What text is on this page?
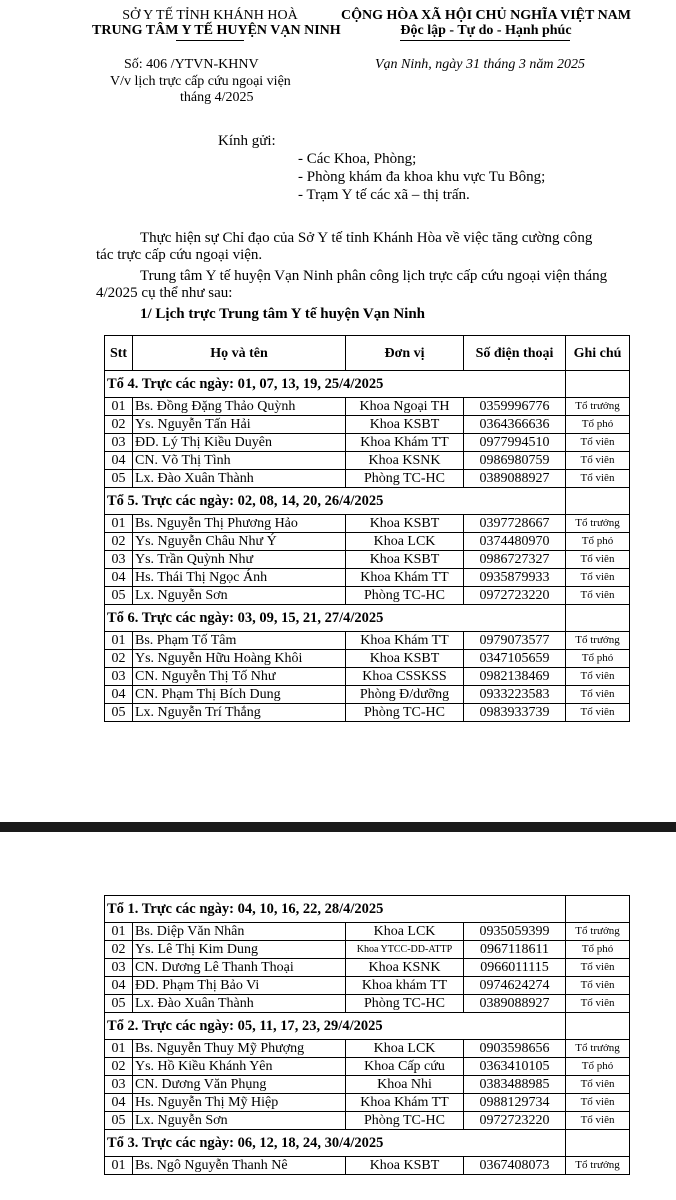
SỞ Y TẾ TỈNH KHÁNH HOÀ
TRUNG TÂM Y TẾ HUYỆN VẠN NINH
CỘNG HÒA XÃ HỘI CHỦ NGHĨA VIỆT NAM
Độc lập - Tự do - Hạnh phúc
Số: 406 /YTVN-KHNV
V/v lịch trực cấp cứu ngoại viện
tháng 4/2025
Vạn Ninh, ngày 31 tháng 3 năm 2025
Kính gửi:
- Các Khoa, Phòng;
- Phòng khám đa khoa khu vực Tu Bông;
- Trạm Y tế các xã – thị trấn.
Thực hiện sự Chỉ đạo của Sở Y tế tỉnh Khánh Hòa về việc tăng cường công
tác trực cấp cứu ngoại viện.
Trung tâm Y tế huyện Vạn Ninh phân công lịch trực cấp cứu ngoại viện tháng
4/2025 cụ thể như sau:
1/ Lịch trực Trung tâm Y tế huyện Vạn Ninh
Stt	Họ và tên	Đơn vị	Số điện thoại	Ghi chú
Tổ 4. Trực các ngày: 01, 07, 13, 19, 25/4/2025				
01	Bs. Đồng Đặng Thảo Quỳnh	Khoa Ngoại TH	0359996776	Tổ trưởng
02	Ys. Nguyễn Tấn Hải	Khoa KSBT	0364366636	Tổ phó
03	ĐD. Lý Thị Kiều Duyên	Khoa Khám TT	0977994510	Tổ viên
04	CN. Võ Thị Tình	Khoa KSNK	0986980759	Tổ viên
05	Lx. Đào Xuân Thành	Phòng TC-HC	0389088927	Tổ viên
Tổ 5. Trực các ngày: 02, 08, 14, 20, 26/4/2025				
01	Bs. Nguyễn Thị Phương Hảo	Khoa KSBT	0397728667	Tổ trưởng
02	Ys. Nguyễn Châu Như Ý	Khoa LCK	0374480970	Tổ phó
03	Ys. Trần Quỳnh Như	Khoa KSBT	0986727327	Tổ viên
04	Hs. Thái Thị Ngọc Ánh	Khoa Khám TT	0935879933	Tổ viên
05	Lx. Nguyễn Sơn	Phòng TC-HC	0972723220	Tổ viên
Tổ 6. Trực các ngày: 03, 09, 15, 21, 27/4/2025				
01	Bs. Phạm Tố Tâm	Khoa Khám TT	0979073577	Tổ trưởng
02	Ys. Nguyễn Hữu Hoàng Khôi	Khoa KSBT	0347105659	Tổ phó
03	CN. Nguyễn Thị Tố Như	Khoa CSSKSS	0982138469	Tổ viên
04	CN. Phạm Thị Bích Dung	Phòng Đ/dưỡng	0933223583	Tổ viên
05	Lx. Nguyễn Trí Thắng	Phòng TC-HC	0983933739	Tổ viên
Tổ 1. Trực các ngày: 04, 10, 16, 22, 28/4/2025				
01	Bs. Diệp Văn Nhân	Khoa LCK	0935059399	Tổ trưởng
02	Ys. Lê Thị Kim Dung	Khoa YTCC-DD-ATTP	0967118611	Tổ phó
03	CN. Dương Lê Thanh Thoại	Khoa KSNK	0966011115	Tổ viên
04	ĐD. Phạm Thị Bảo Vi	Khoa khám TT	0974624274	Tổ viên
05	Lx. Đào Xuân Thành	Phòng TC-HC	0389088927	Tổ viên
Tổ 2. Trực các ngày: 05, 11, 17, 23, 29/4/2025				
01	Bs. Nguyễn Thuy Mỹ Phượng	Khoa LCK	0903598656	Tổ trưởng
02	Ys. Hồ Kiều Khánh Yên	Khoa Cấp cứu	0363410105	Tổ phó
03	CN. Dương Văn Phụng	Khoa Nhi	0383488985	Tổ viên
04	Hs. Nguyễn Thị Mỹ Hiệp	Khoa Khám TT	0988129734	Tổ viên
05	Lx. Nguyễn Sơn	Phòng TC-HC	0972723220	Tổ viên
Tổ 3. Trực các ngày: 06, 12, 18, 24, 30/4/2025				
01	Bs. Ngô Nguyễn Thanh Nê	Khoa KSBT	0367408073	Tổ trưởng
